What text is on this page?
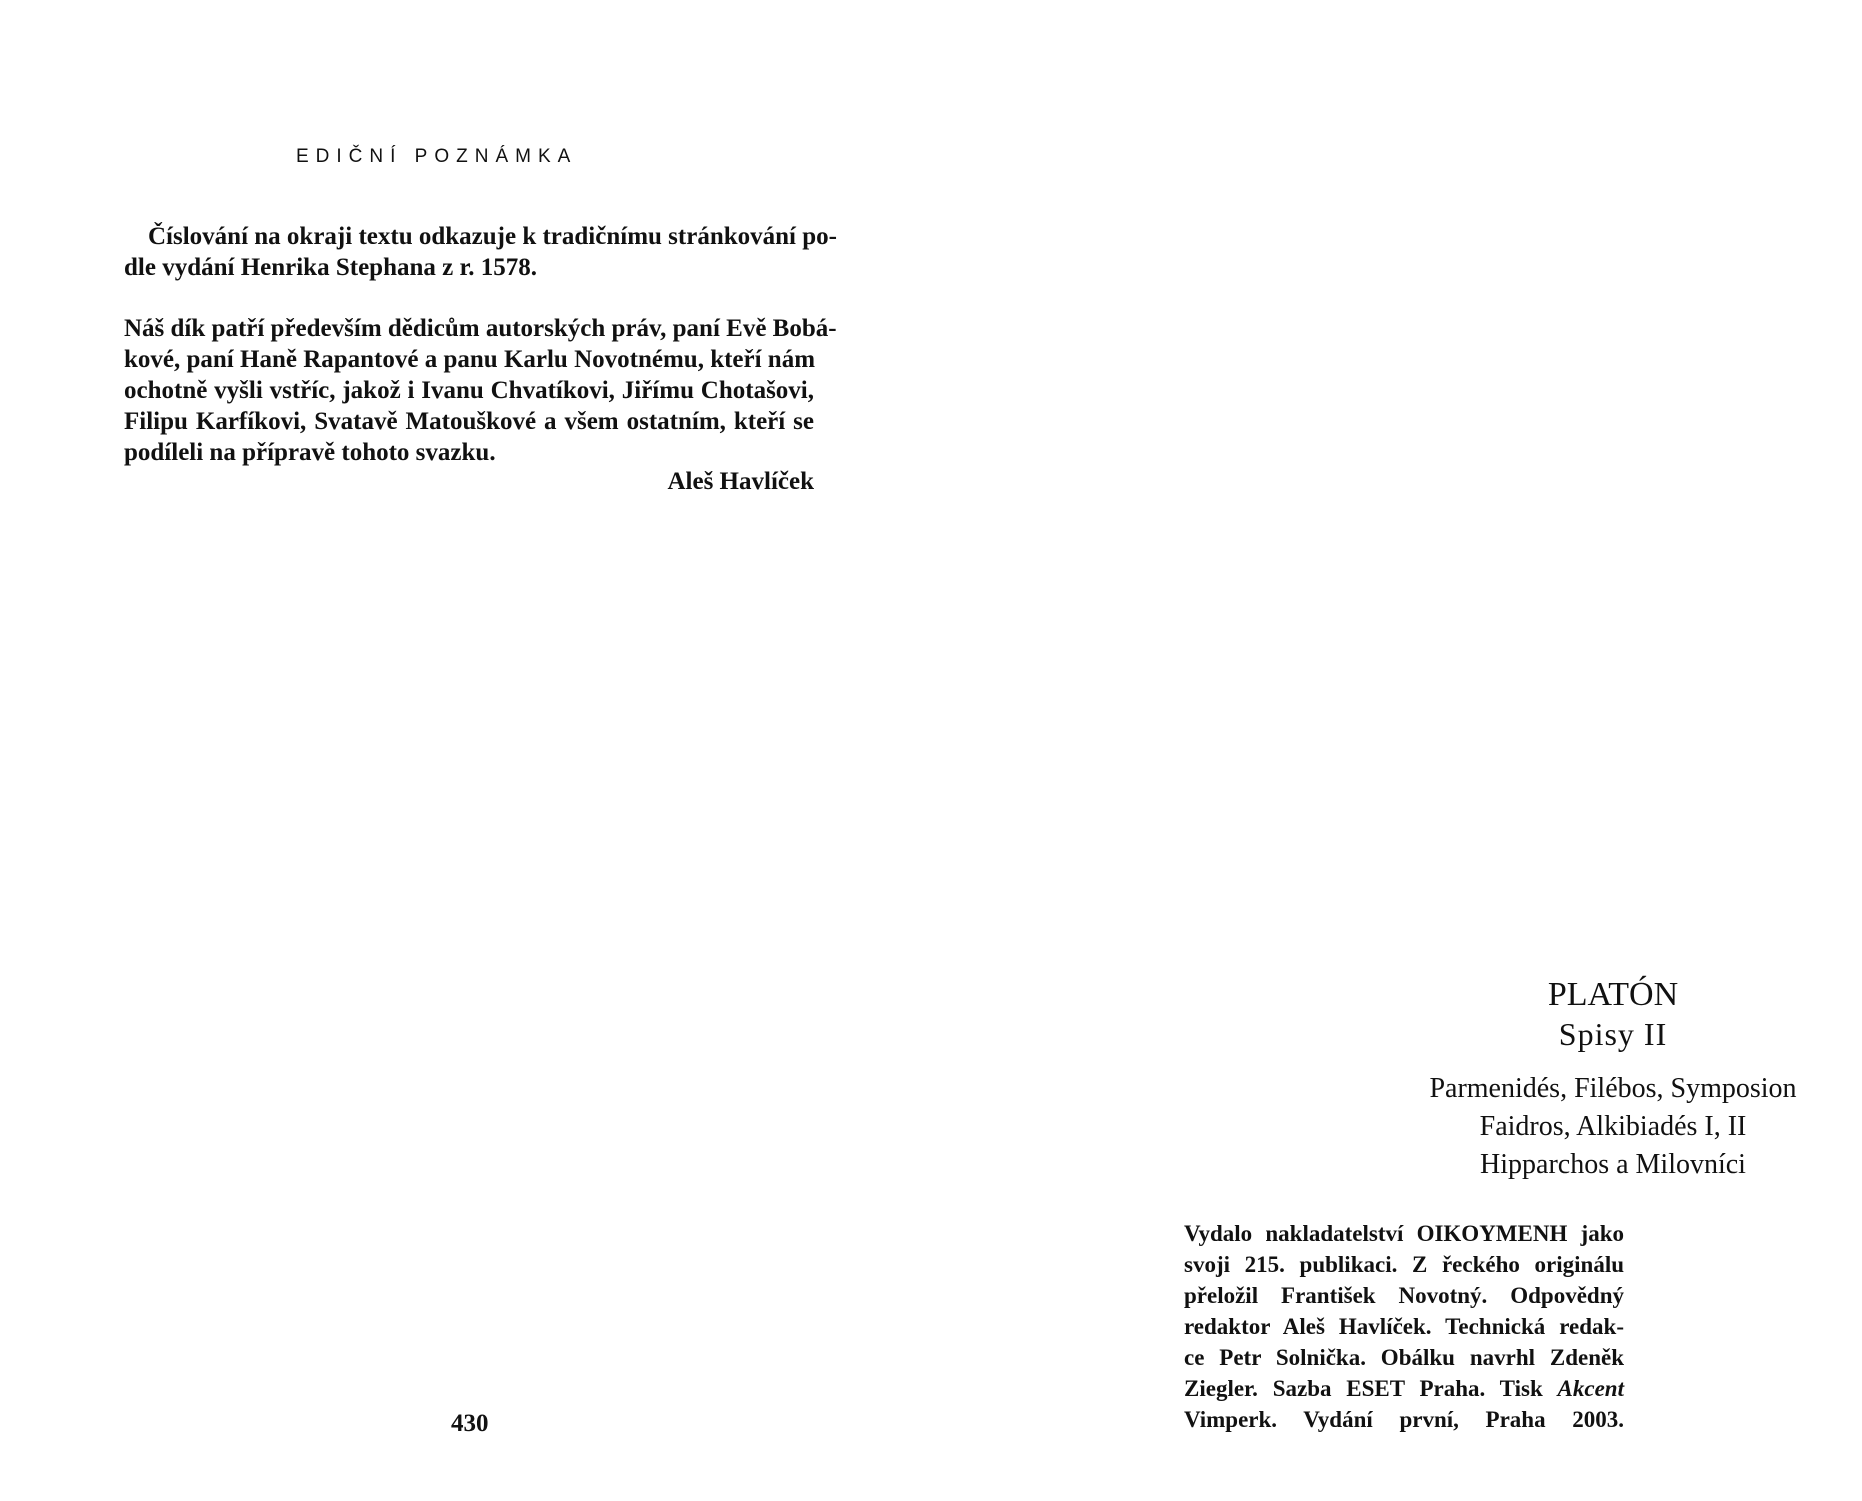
EDIČNÍ POZNÁMKA

Číslování na okraji textu odkazuje k tradičnímu stránkování po-
dle vydání Henrika Stephana z r. 1578.

Náš dík patří především dědicům autorských práv, paní Evě Bobá-
kové, paní Haně Rapantové a panu Karlu Novotnému, kteří nám
ochotně vyšli vstříc, jakož i Ivanu Chvatíkovi, Jiřímu Chotašovi,
Filipu Karfíkovi, Svatavě Matouškové a všem ostatním, kteří se
podíleli na přípravě tohoto svazku.

Aleš Havlíček
430
PLATÓN
Spisy II
Parmenidés, Filébos, Symposion
Faidros, Alkibiadés I, II
Hipparchos a Milovníci
Vydalo nakladatelství OIKOYMENH jako
svoji 215. publikaci. Z řeckého originálu
přeložil František Novotný. Odpovědný
redaktor Aleš Havlíček. Technická redak-
ce Petr Solnička. Obálku navrhl Zdeněk
Ziegler. Sazba ESET Praha. Tisk Akcent
Vimperk. Vydání první, Praha 2003.
